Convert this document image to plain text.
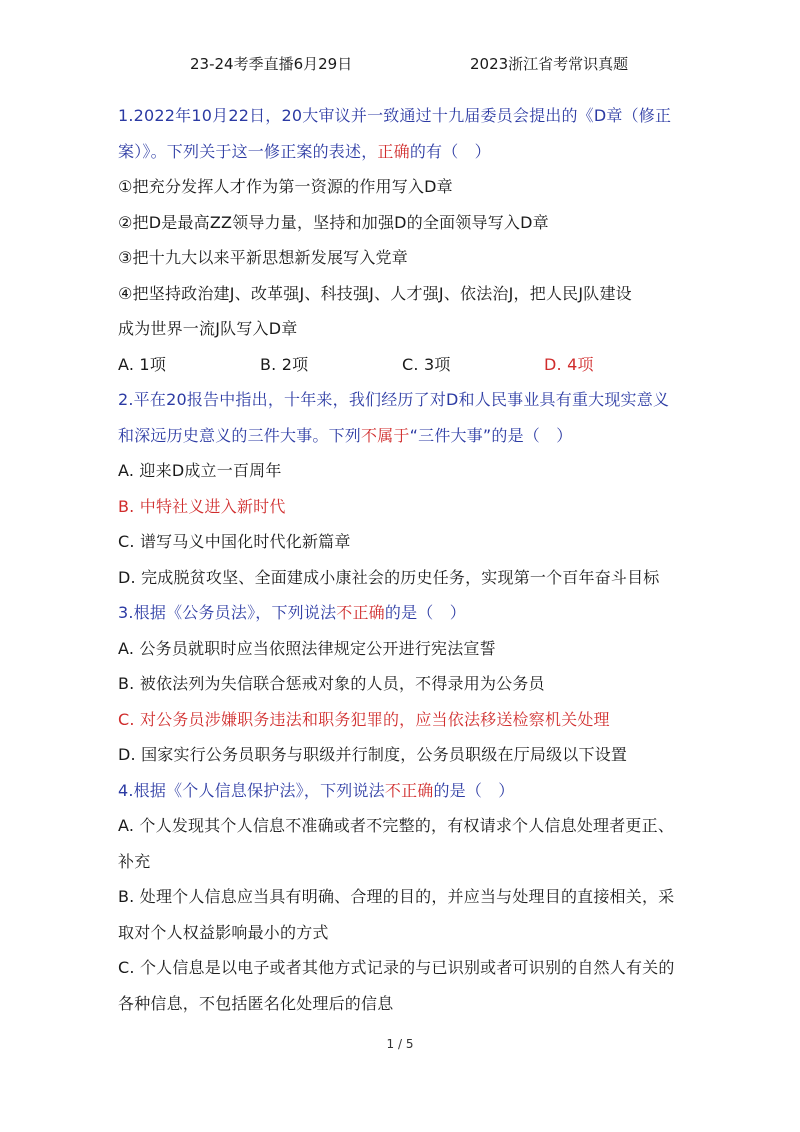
23-24考季直播6月29日	2023浙江省考常识真题
1.2022年10月22日，20大审议并一致通过十九届委员会提出的《D章（修正
案）》。下列关于这一修正案的表述，正确的有（　）
①把充分发挥人才作为第一资源的作用写入D章
②把D是最高ZZ领导力量，坚持和加强D的全面领导写入D章
③把十九大以来平新思想新发展写入党章
④把坚持政治建J、改革强J、科技强J、人才强J、依法治J，把人民J队建设
成为世界一流J队写入D章
A. 1项	B. 2项	C. 3项	D. 4项
2.平在20报告中指出，十年来，我们经历了对D和人民事业具有重大现实意义
和深远历史意义的三件大事。下列不属于“三件大事”的是（　）
A. 迎来D成立一百周年
B. 中特社义进入新时代
C. 谱写马义中国化时代化新篇章
D. 完成脱贫攻坚、全面建成小康社会的历史任务，实现第一个百年奋斗目标
3.根据《公务员法》，下列说法不正确的是（　）
A. 公务员就职时应当依照法律规定公开进行宪法宣誓
B. 被依法列为失信联合惩戒对象的人员，不得录用为公务员
C. 对公务员涉嫌职务违法和职务犯罪的，应当依法移送检察机关处理
D. 国家实行公务员职务与职级并行制度，公务员职级在厅局级以下设置
4.根据《个人信息保护法》，下列说法不正确的是（　）
A. 个人发现其个人信息不准确或者不完整的，有权请求个人信息处理者更正、
补充
B. 处理个人信息应当具有明确、合理的目的，并应当与处理目的直接相关，采
取对个人权益影响最小的方式
C. 个人信息是以电子或者其他方式记录的与已识别或者可识别的自然人有关的
各种信息，不包括匿名化处理后的信息
1 / 5
